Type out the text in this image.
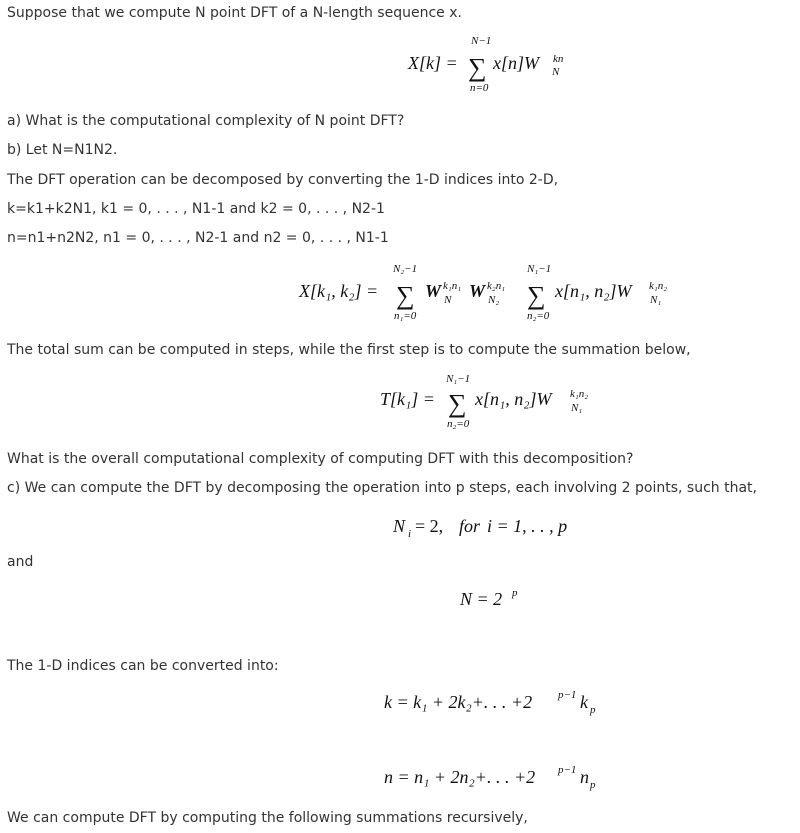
Suppose that we compute N point DFT of a N-length sequence x.
a) What is the computational complexity of N point DFT?
b) Let N=N1N2.
The DFT operation can be decomposed by converting the 1-D indices into 2-D,
k=k1+k2N1, k1 = 0, . . . , N1-1 and k2 = 0, . . . , N2-1
n=n1+n2N2, n1 = 0, . . . , N2-1 and n2 = 0, . . . , N1-1
The total sum can be computed in steps, while the first step is to compute the summation below,
What is the overall computational complexity of computing DFT with this decomposition?
c) We can compute the DFT by decomposing the operation into p steps, each involving 2 points, such that,
and
The 1-D indices can be converted into:
We can compute DFT by computing the following summations recursively,
X[k] =
N−1
∑
n=0
x[n]W kn
N
X[k₁, k₂] =
N₂−1
∑
n₁=0
W k₁n₁
N W k₂n₁
N₂
N₁−1
∑
n₂=0
x[n₁, n₂]W k₁n₂
N₁
T[k₁] =
N₁−1
∑
n₂=0
x[n₁, n₂]W k₁n₂
N₁
N i = 2, for i = 1, . . , p
N = 2 p
k = k₁ + 2k₂+. . . +2 p−1 k p
n = n₁ + 2n₂+. . . +2 p−1 n p
